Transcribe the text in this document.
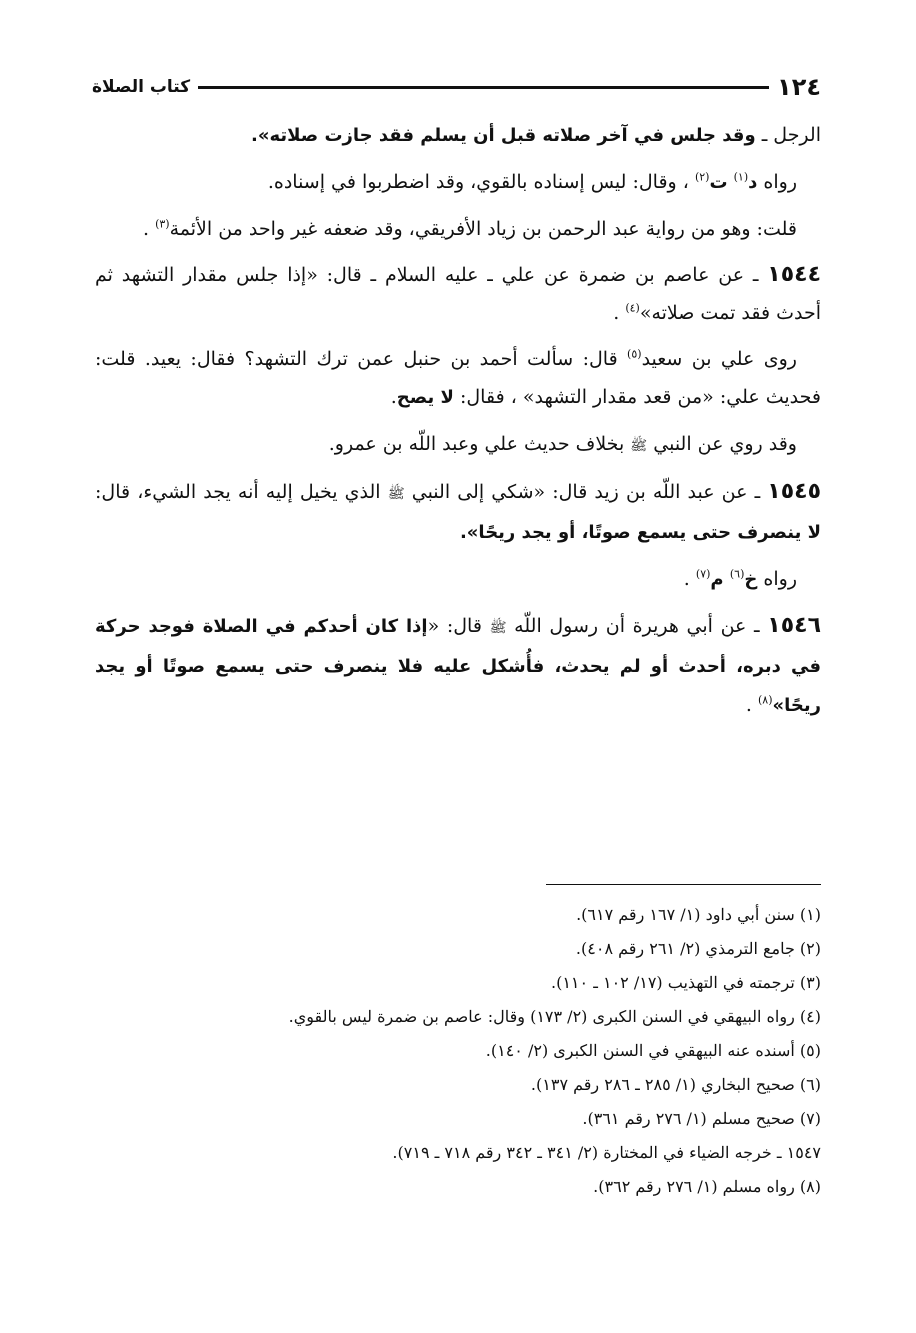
١٢٤
كتاب الصلاة

الرجل ـ وقد جلس في آخر صلاته قبل أن يسلم فقد جازت صلاته».

رواه د$^{(١)}$ ت$^{(٢)}$ ، وقال: ليس إسناده بالقوي، وقد اضطربوا في إسناده.

قلت: وهو من رواية عبد الرحمن بن زياد الأفريقي، وقد ضعفه غير واحد من الأئمة$^{(٣)}$ .

١٥٤٤ ـ عن عاصم بن ضمرة عن علي ـ عليه السلام ـ قال: «إذا جلس مقدار التشهد ثم أحدث فقد تمت صلاته»$^{(٤)}$ .

روى علي بن سعيد$^{(٥)}$ قال: سألت أحمد بن حنبل عمن ترك التشهد؟ فقال: يعيد. قلت: فحديث علي: «من قعد مقدار التشهد» ، فقال: لا يصح.

وقد روي عن النبي ﷺ بخلاف حديث علي وعبد اللّه بن عمرو.

١٥٤٥ ـ عن عبد اللّه بن زيد قال: «شكي إلى النبي ﷺ الذي يخيل إليه أنه يجد الشيء، قال: لا ينصرف حتى يسمع صوتًا، أو يجد ريحًا».

رواه خ$^{(٦)}$ م$^{(٧)}$ .

١٥٤٦ ـ عن أبي هريرة أن رسول اللّه ﷺ قال: «إذا كان أحدكم في الصلاة فوجد حركة في دبره، أحدث أو لم يحدث، فأُشكل عليه فلا ينصرف حتى يسمع صوتًا أو يجد ريحًا»$^{(٨)}$ .

(١) سنن أبي داود (١/ ١٦٧ رقم ٦١٧).
(٢) جامع الترمذي (٢/ ٢٦١ رقم ٤٠٨).
(٣) ترجمته في التهذيب (١٧/ ١٠٢ ـ ١١٠).
(٤) رواه البيهقي في السنن الكبرى (٢/ ١٧٣) وقال: عاصم بن ضمرة ليس بالقوي.
(٥) أسنده عنه البيهقي في السنن الكبرى (٢/ ١٤٠).
(٦) صحيح البخاري (١/ ٢٨٥ ـ ٢٨٦ رقم ١٣٧).
(٧) صحيح مسلم (١/ ٢٧٦ رقم ٣٦١).
١٥٤٧ ـ خرجه الضياء في المختارة (٢/ ٣٤١ ـ ٣٤٢ رقم ٧١٨ ـ ٧١٩).
(٨) رواه مسلم (١/ ٢٧٦ رقم ٣٦٢).
